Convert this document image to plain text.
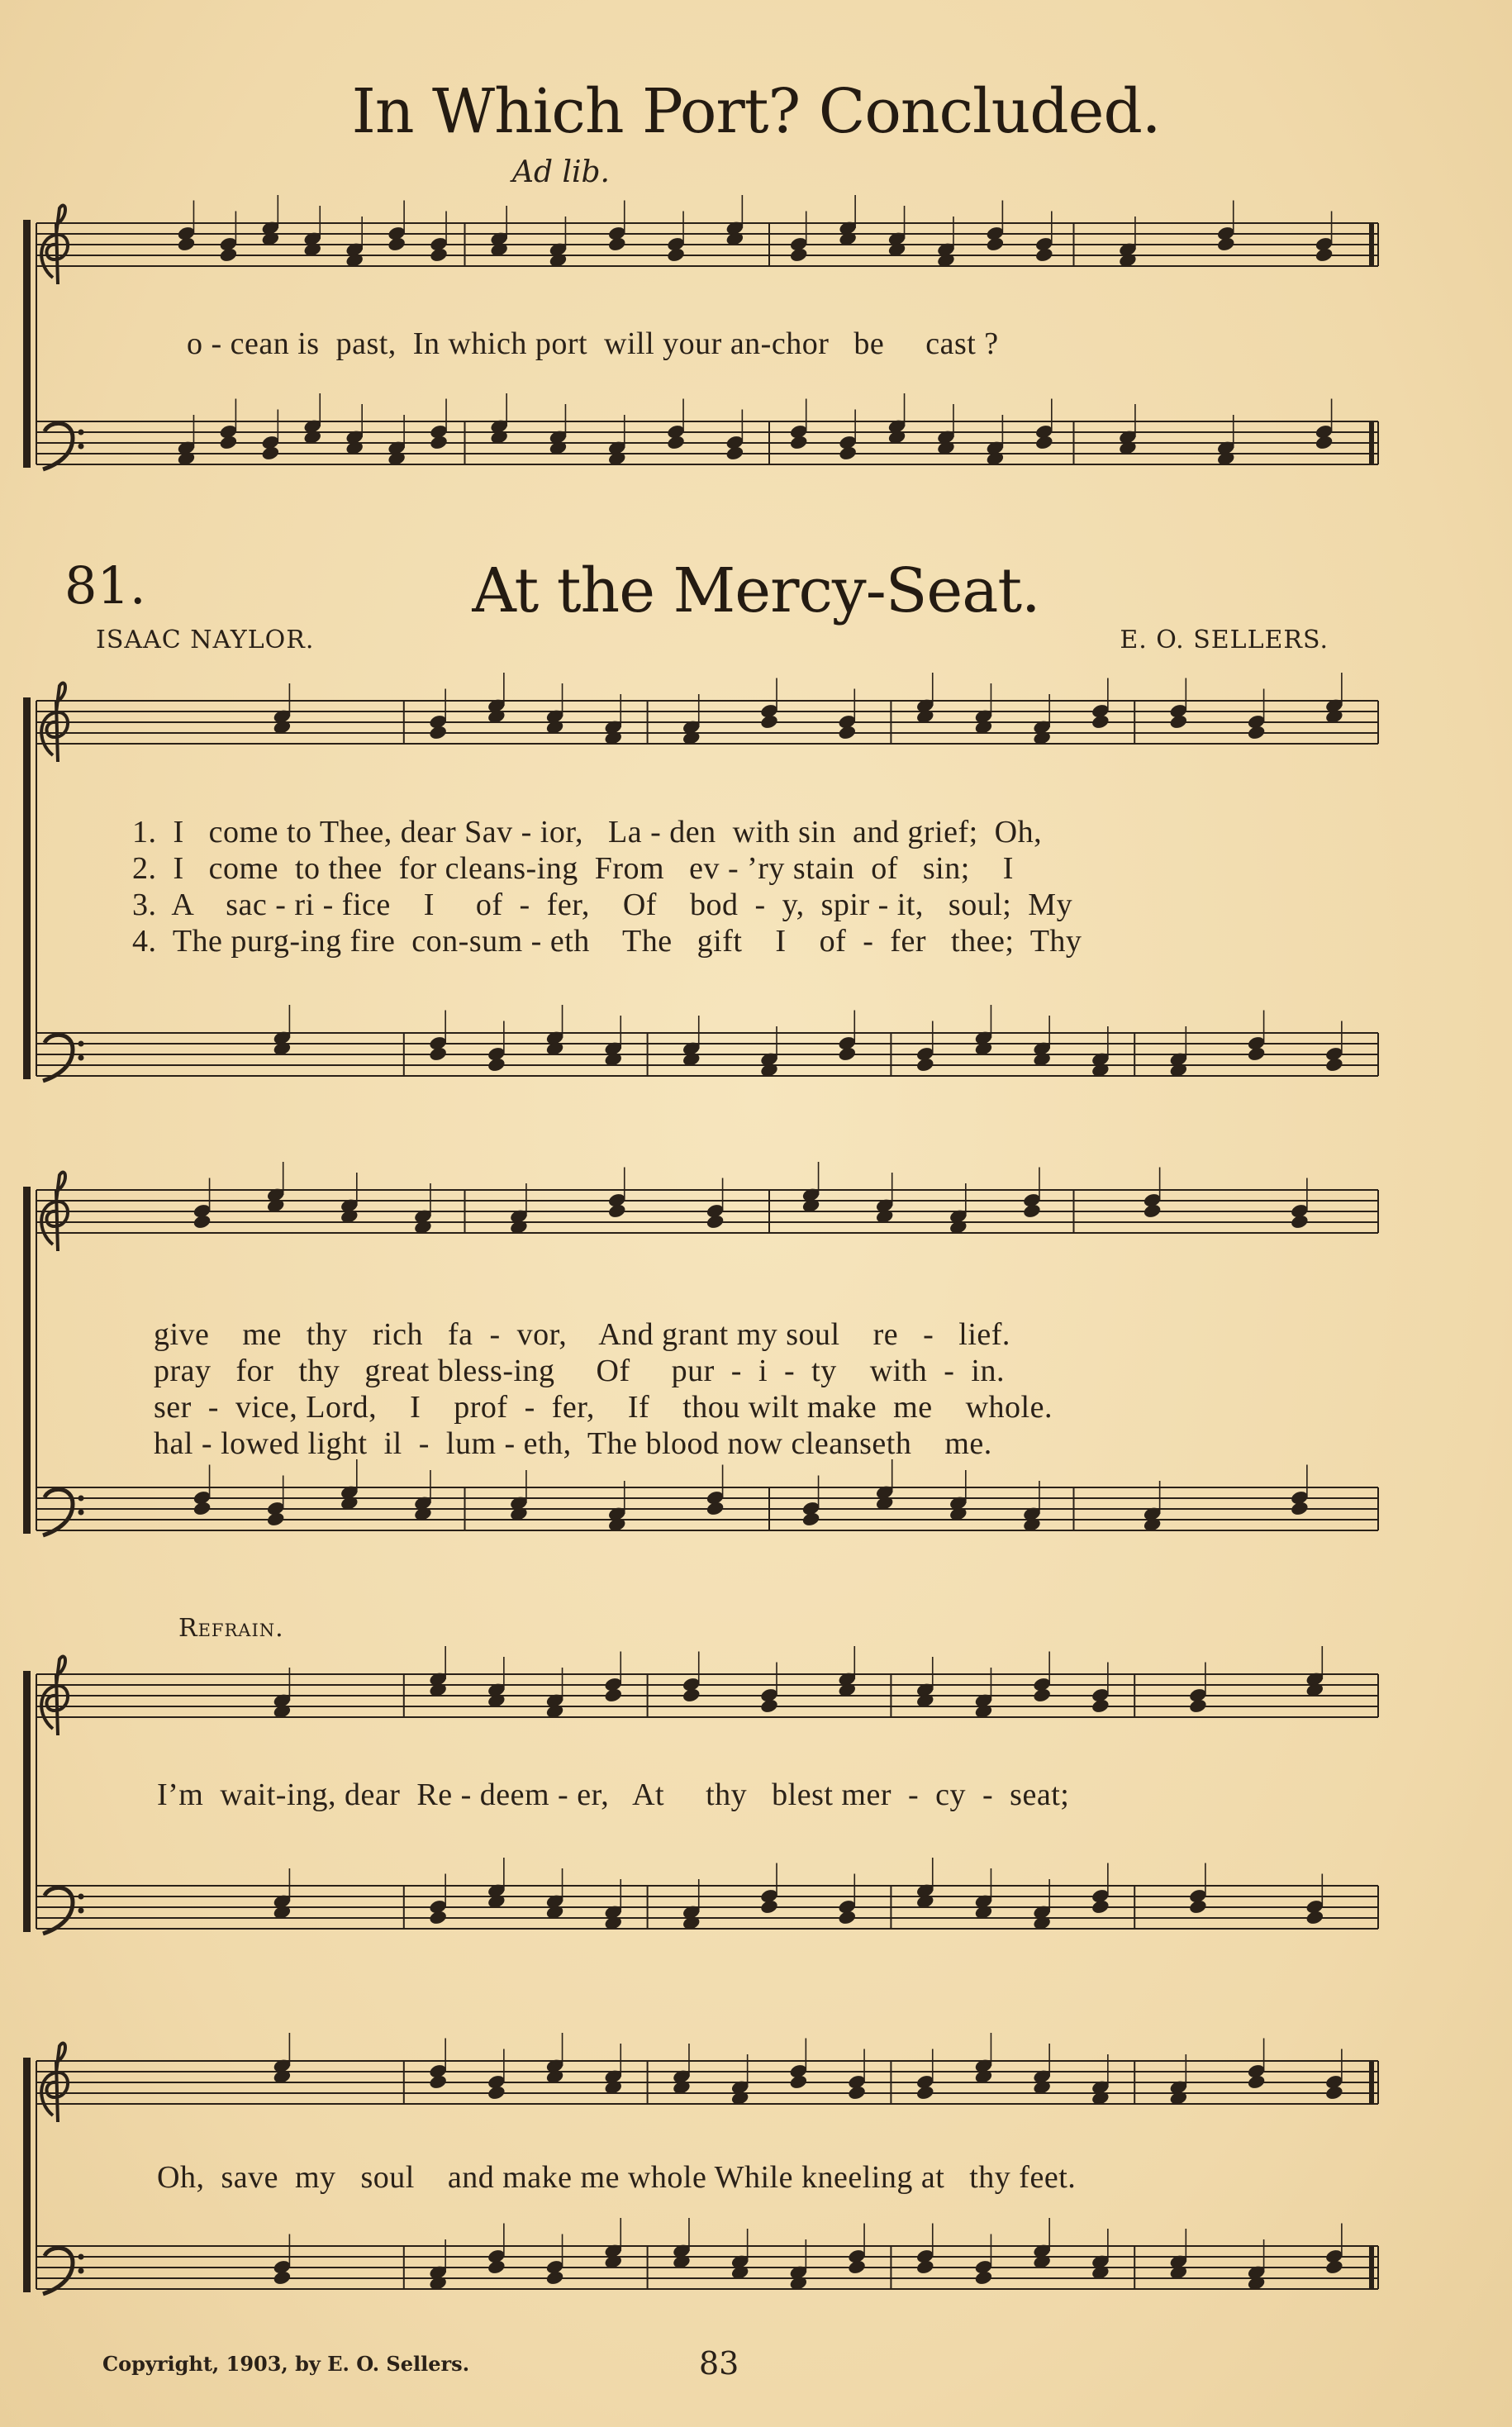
In Which Port? Concluded.
Ad lib.
81.	At the Mercy-Seat.
ISAAC NAYLOR.	E. O. SELLERS.
Refrain.
o - cean is  past,  In which port  will your an-chor   be     cast ?
1.  I   come to Thee, dear Sav - ior,   La - den  with sin  and grief;  Oh,
2.  I   come  to thee  for cleans-ing  From   ev - ’ry stain  of   sin;    I
3.  A    sac - ri - fice    I     of  -  fer,    Of    bod  -  y,  spir - it,   soul;  My
4.  The purg-ing fire  con-sum - eth    The   gift    I    of  -  fer   thee;  Thy
give    me   thy   rich   fa  -  vor,    And grant my soul    re   -   lief.
pray   for   thy   great bless-ing     Of     pur  -  i  -  ty    with  -  in.
ser  -  vice, Lord,    I    prof  -  fer,    If    thou wilt make  me    whole.
hal - lowed light  il  -  lum - eth,  The blood now cleanseth    me.
I’m  wait-ing, dear  Re - deem - er,   At     thy   blest mer  -  cy  -  seat;
Oh,  save  my   soul    and make me whole While kneeling at   thy feet.
Copyright, 1903, by E. O. Sellers.	83
